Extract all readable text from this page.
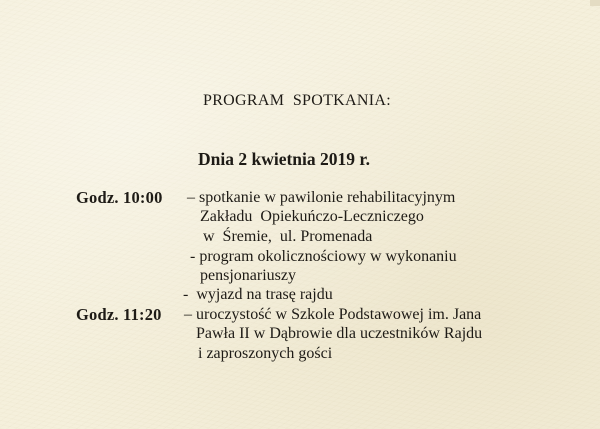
PROGRAM  SPOTKANIA:
Dnia 2 kwietnia 2019 r.
Godz. 10:00 – spotkanie w pawilonie rehabilitacyjnym
Zakładu  Opiekuńczo-Leczniczego
w  Śremie,  ul. Promenada
- program okolicznościowy w wykonaniu
pensjonariuszy
-  wyjazd na trasę rajdu
Godz. 11:20 – uroczystość w Szkole Podstawowej im. Jana
Pawła II w Dąbrowie dla uczestników Rajdu
i zaproszonych gości
